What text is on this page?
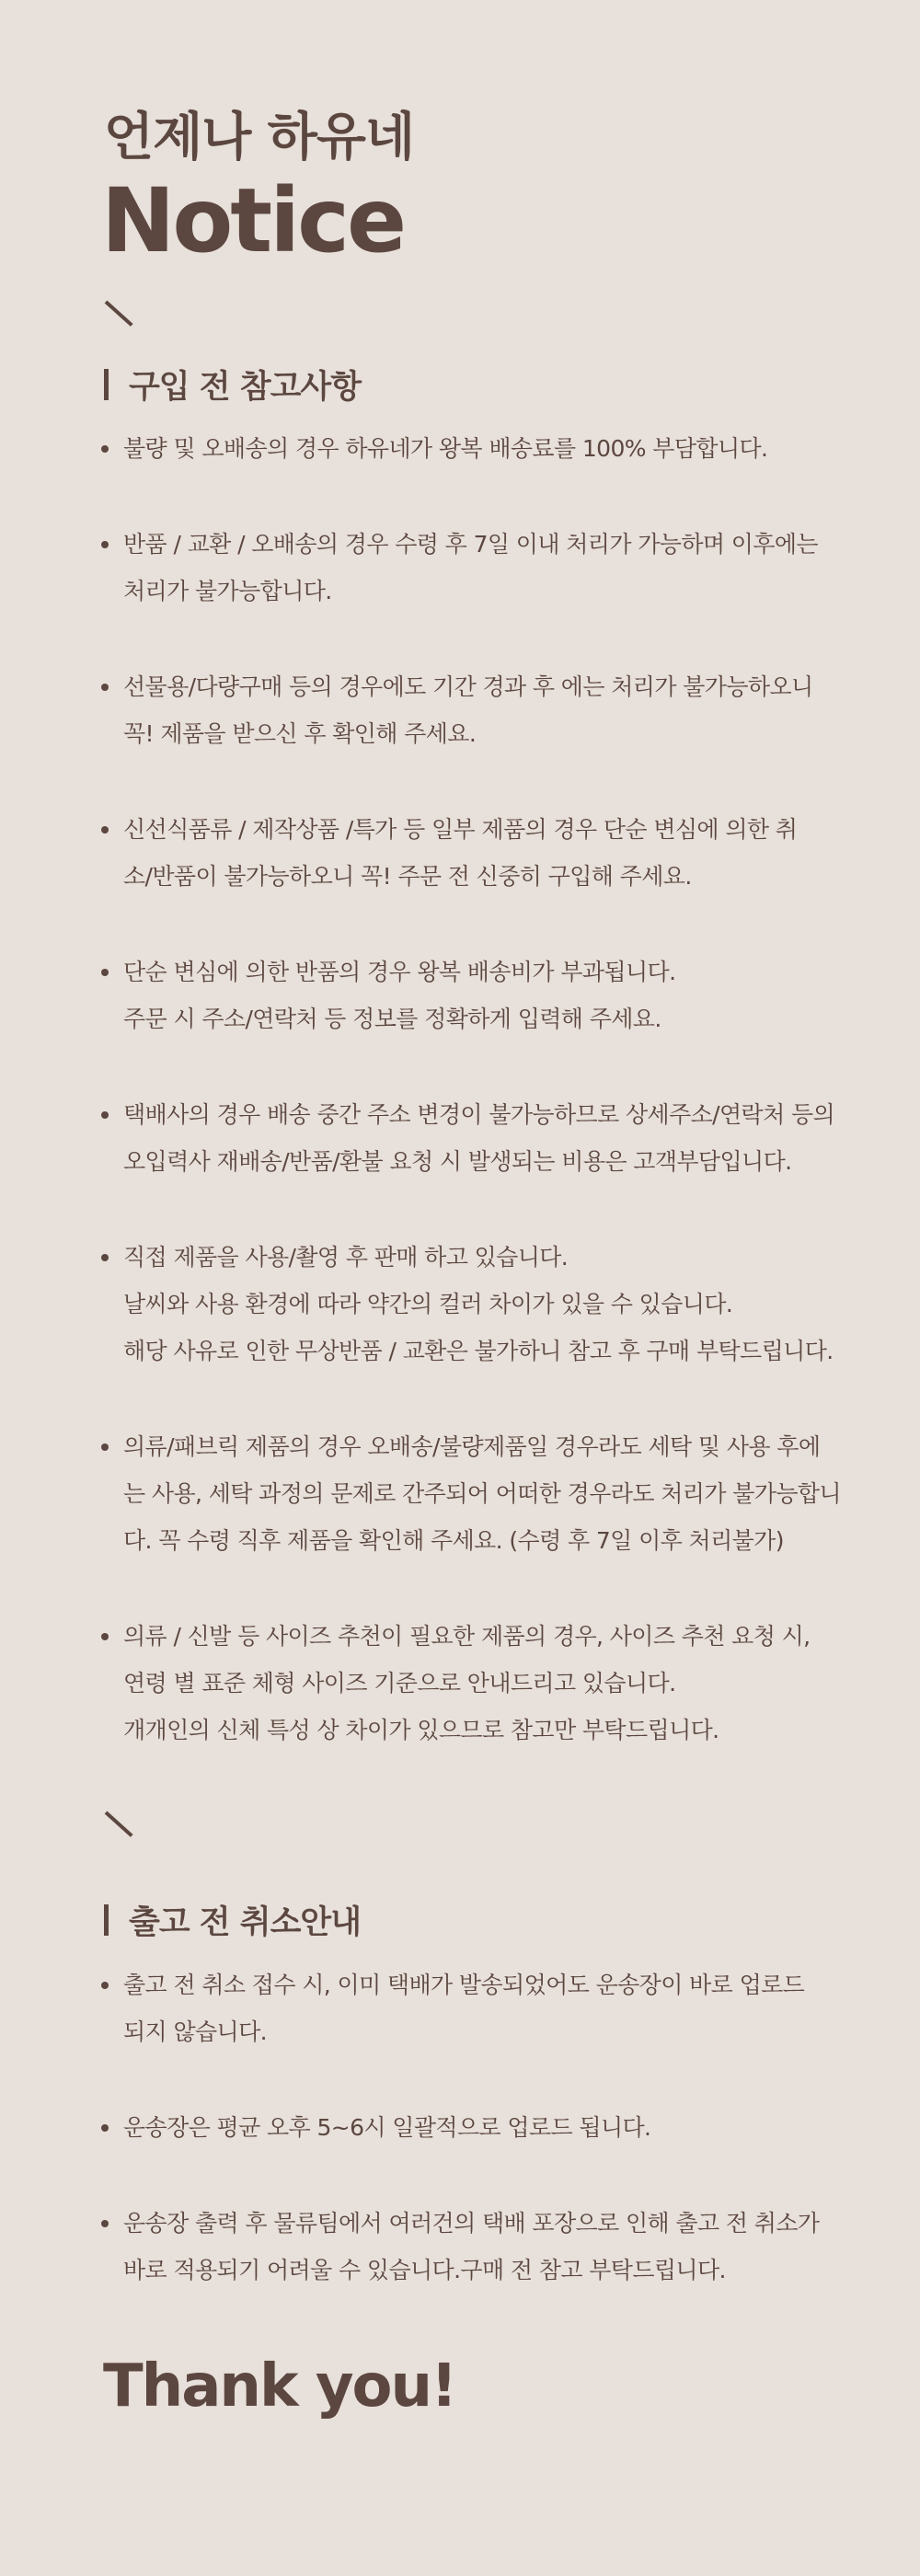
언제나 하유네
Notice
구입 전 참고사항
불량 및 오배송의 경우 하유네가 왕복 배송료를 100% 부담합니다.
반품 / 교환 / 오배송의 경우 수령 후 7일 이내 처리가 가능하며 이후에는
처리가 불가능합니다.
선물용/다량구매 등의 경우에도 기간 경과 후 에는 처리가 불가능하오니
꼭! 제품을 받으신 후 확인해 주세요.
신선식품류 / 제작상품 /특가 등 일부 제품의 경우 단순 변심에 의한 취
소/반품이 불가능하오니 꼭! 주문 전 신중히 구입해 주세요.
단순 변심에 의한 반품의 경우 왕복 배송비가 부과됩니다.
주문 시 주소/연락처 등 정보를 정확하게 입력해 주세요.
택배사의 경우 배송 중간 주소 변경이 불가능하므로 상세주소/연락처 등의
오입력사 재배송/반품/환불 요청 시 발생되는 비용은 고객부담입니다.
직접 제품을 사용/촬영 후 판매 하고 있습니다.
날씨와 사용 환경에 따라 약간의 컬러 차이가 있을 수 있습니다.
해당 사유로 인한 무상반품 / 교환은 불가하니 참고 후 구매 부탁드립니다.
의류/패브릭 제품의 경우 오배송/불량제품일 경우라도 세탁 및 사용 후에
는 사용, 세탁 과정의 문제로 간주되어 어떠한 경우라도 처리가 불가능합니
다. 꼭 수령 직후 제품을 확인해 주세요. (수령 후 7일 이후 처리불가)
의류 / 신발 등 사이즈 추천이 필요한 제품의 경우, 사이즈 추천 요청 시,
연령 별 표준 체형 사이즈 기준으로 안내드리고 있습니다.
개개인의 신체 특성 상 차이가 있으므로 참고만 부탁드립니다.
출고 전 취소안내
출고 전 취소 접수 시, 이미 택배가 발송되었어도 운송장이 바로 업로드
되지 않습니다.
운송장은 평균 오후 5~6시 일괄적으로 업로드 됩니다.
운송장 출력 후 물류팀에서 여러건의 택배 포장으로 인해 출고 전 취소가
바로 적용되기 어려울 수 있습니다.구매 전 참고 부탁드립니다.
Thank you!
